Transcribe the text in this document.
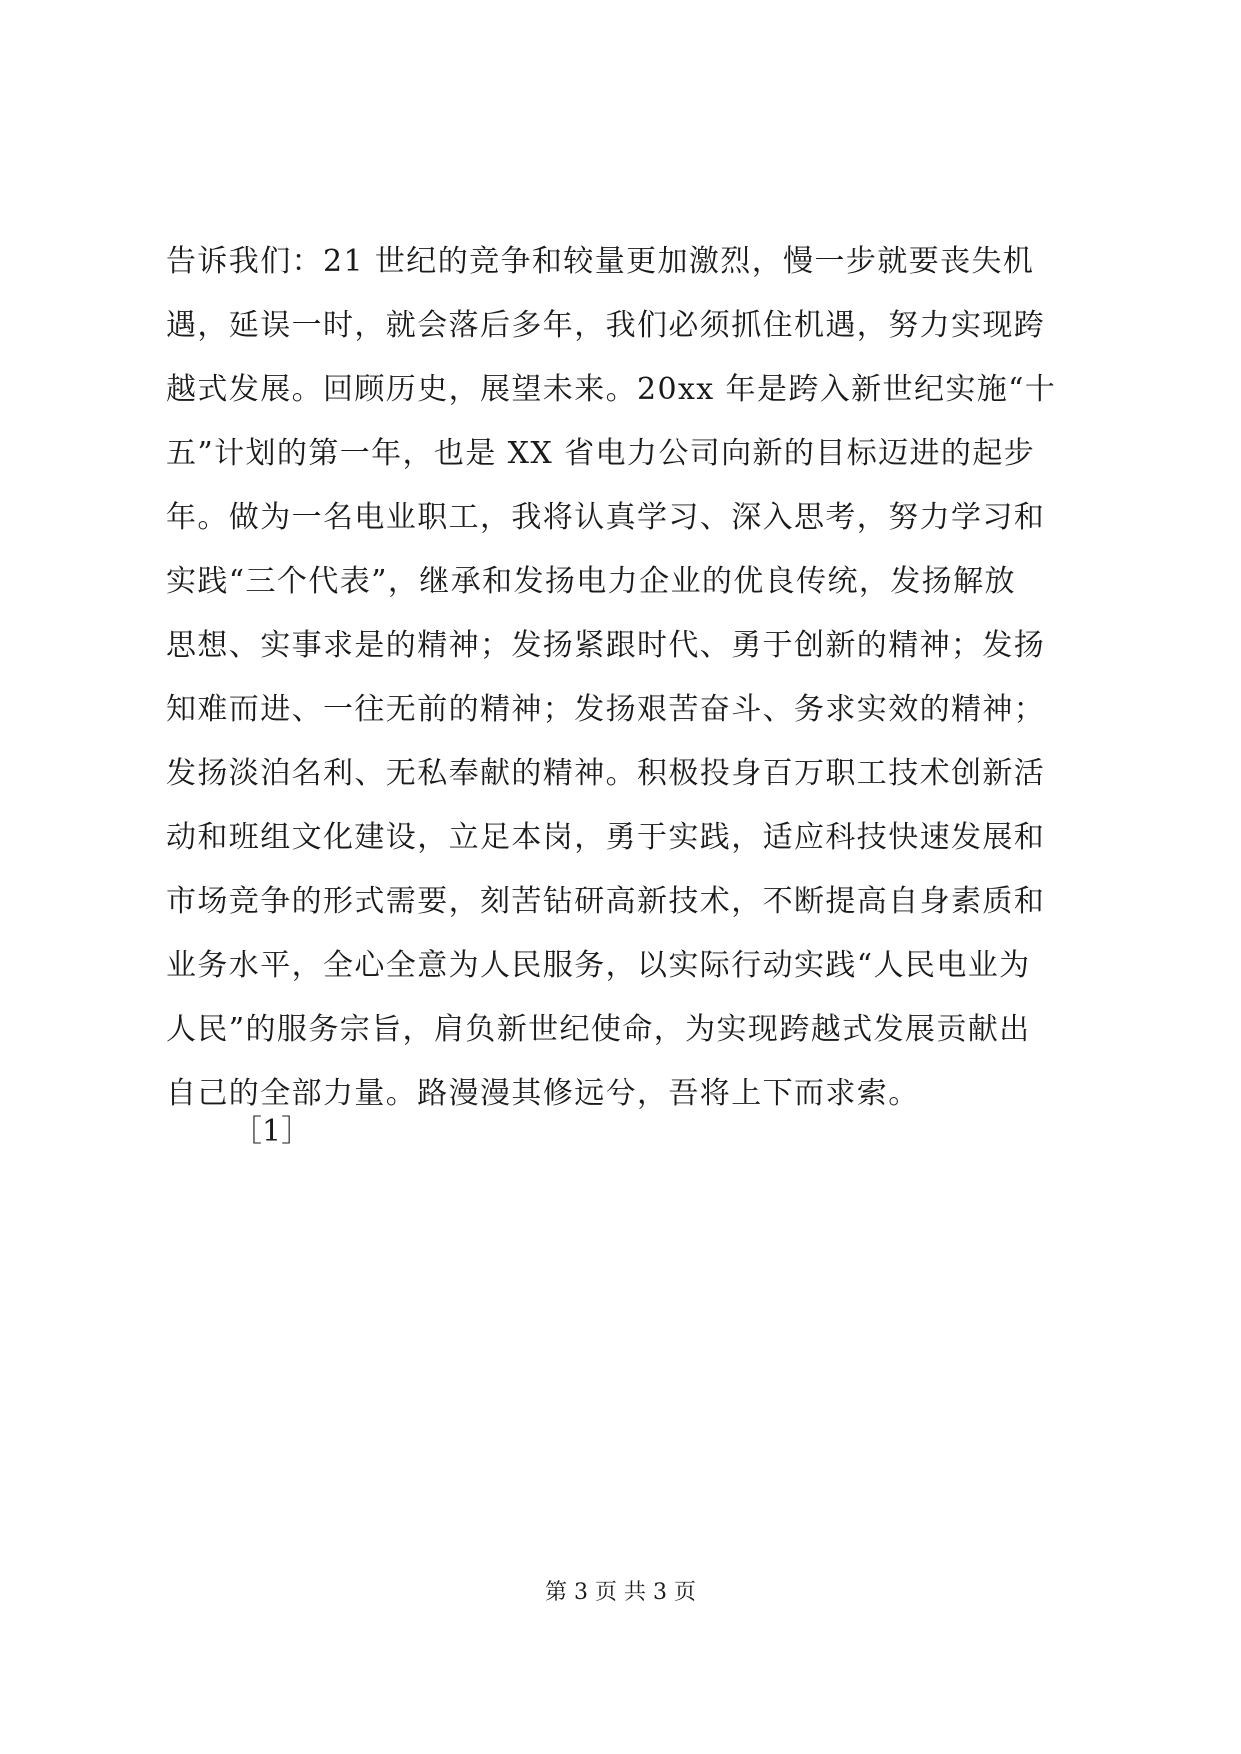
告诉我们：21 世纪的竞争和较量更加激烈，慢一步就要丧失机
遇，延误一时，就会落后多年，我们必须抓住机遇，努力实现跨
越式发展。回顾历史，展望未来。20xx 年是跨入新世纪实施“十
五”计划的第一年，也是 XX 省电力公司向新的目标迈进的起步
年。做为一名电业职工，我将认真学习、深入思考，努力学习和
实践“三个代表”，继承和发扬电力企业的优良传统，发扬解放
思想、实事求是的精神；发扬紧跟时代、勇于创新的精神；发扬
知难而进、一往无前的精神；发扬艰苦奋斗、务求实效的精神；
发扬淡泊名利、无私奉献的精神。积极投身百万职工技术创新活
动和班组文化建设，立足本岗，勇于实践，适应科技快速发展和
市场竞争的形式需要，刻苦钻研高新技术，不断提高自身素质和
业务水平，全心全意为人民服务，以实际行动实践“人民电业为
人民”的服务宗旨，肩负新世纪使命，为实现跨越式发展贡献出
自己的全部力量。路漫漫其修远兮，吾将上下而求索。
［1］
第 3 页 共 3 页
